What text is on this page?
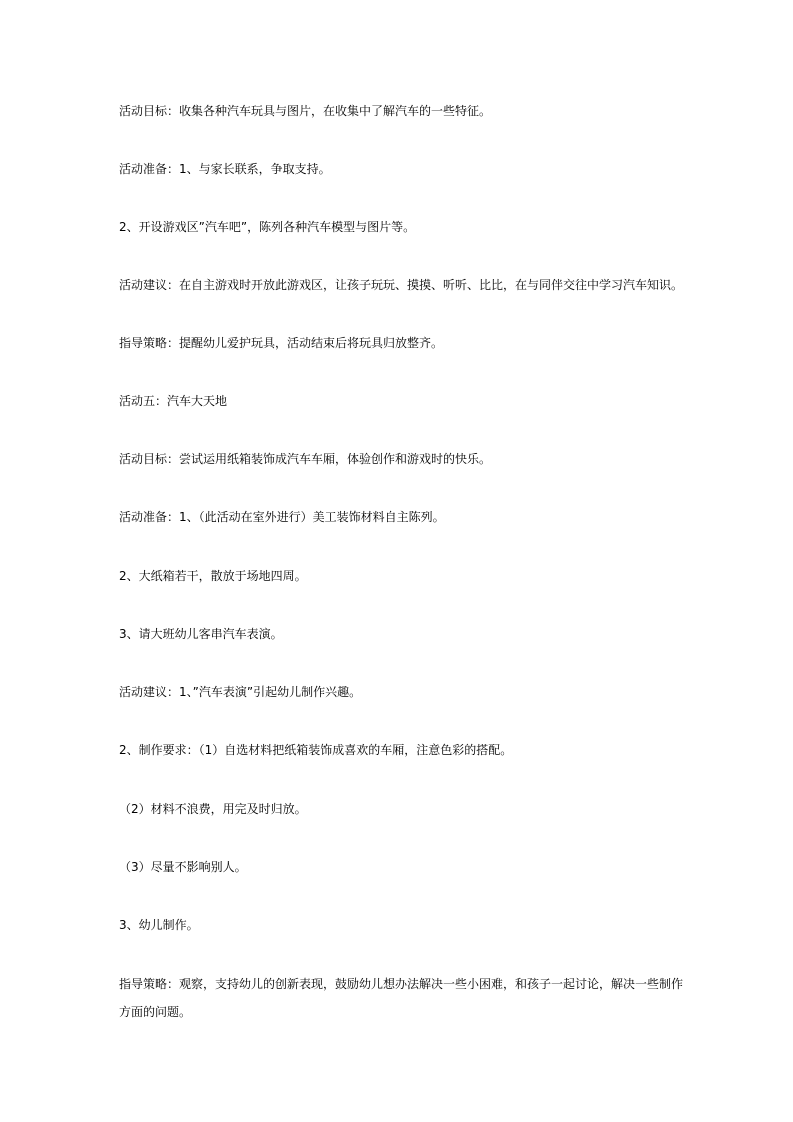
活动目标：收集各种汽车玩具与图片，在收集中了解汽车的一些特征。

活动准备：1、与家长联系，争取支持。

2、开设游戏区”汽车吧”，陈列各种汽车模型与图片等。

活动建议：在自主游戏时开放此游戏区，让孩子玩玩、摸摸、听听、比比，在与同伴交往中学习汽车知识。

指导策略：提醒幼儿爱护玩具，活动结束后将玩具归放整齐。

活动五：汽车大天地

活动目标：尝试运用纸箱装饰成汽车车厢，体验创作和游戏时的快乐。

活动准备：1、（此活动在室外进行）美工装饰材料自主陈列。

2、大纸箱若干，散放于场地四周。

3、请大班幼儿客串汽车表演。

活动建议：1、”汽车表演”引起幼儿制作兴趣。

2、制作要求：（1）自选材料把纸箱装饰成喜欢的车厢，注意色彩的搭配。

（2）材料不浪费，用完及时归放。

（3）尽量不影响别人。

3、幼儿制作。

指导策略：观察，支持幼儿的创新表现，鼓励幼儿想办法解决一些小困难，和孩子一起讨论，解决一些制作方面的问题。
